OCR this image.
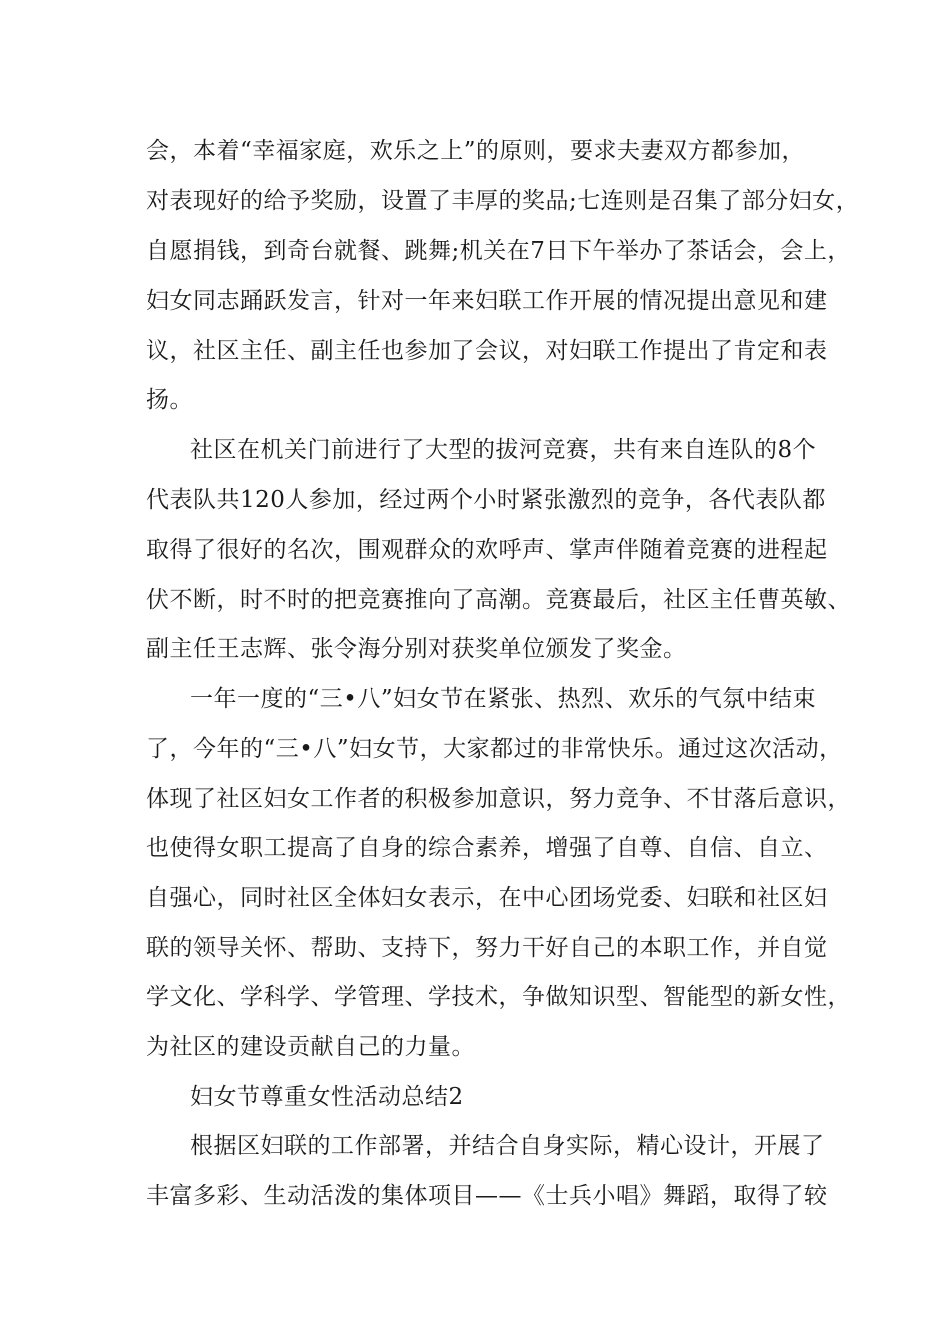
会，本着“幸福家庭，欢乐之上”的原则，要求夫妻双方都参加，
对表现好的给予奖励，设置了丰厚的奖品;七连则是召集了部分妇女，
自愿捐钱，到奇台就餐、跳舞;机关在7日下午举办了茶话会，会上，
妇女同志踊跃发言，针对一年来妇联工作开展的情况提出意见和建
议，社区主任、副主任也参加了会议，对妇联工作提出了肯定和表
扬。
社区在机关门前进行了大型的拔河竞赛，共有来自连队的8个
代表队共120人参加，经过两个小时紧张激烈的竞争，各代表队都
取得了很好的名次，围观群众的欢呼声、掌声伴随着竞赛的进程起
伏不断，时不时的把竞赛推向了高潮。竞赛最后，社区主任曹英敏、
副主任王志辉、张令海分别对获奖单位颁发了奖金。
一年一度的“三•八”妇女节在紧张、热烈、欢乐的气氛中结束
了，今年的“三•八”妇女节，大家都过的非常快乐。通过这次活动，
体现了社区妇女工作者的积极参加意识，努力竞争、不甘落后意识，
也使得女职工提高了自身的综合素养，增强了自尊、自信、自立、
自强心，同时社区全体妇女表示，在中心团场党委、妇联和社区妇
联的领导关怀、帮助、支持下，努力干好自己的本职工作，并自觉
学文化、学科学、学管理、学技术，争做知识型、智能型的新女性，
为社区的建设贡献自己的力量。
妇女节尊重女性活动总结2
根据区妇联的工作部署，并结合自身实际，精心设计，开展了
丰富多彩、生动活泼的集体项目——《士兵小唱》舞蹈，取得了较
